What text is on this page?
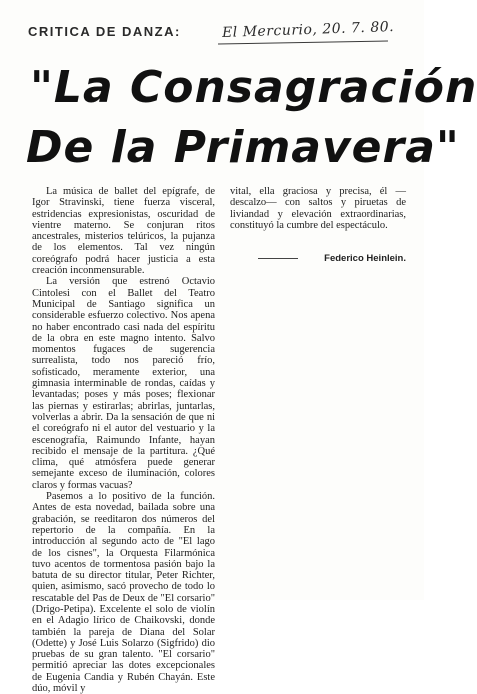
CRITICA DE DANZA:	El Mercurio, 20. 7. 80.
"La Consagración
De la Primavera"

La música de ballet del epígrafe, de Igor Stravinski, tiene fuerza visceral, estridencias expresionistas, oscuridad de vientre materno. Se conjuran ritos ancestrales, misterios telúricos, la pujanza de los elementos. Tal vez ningún coreógrafo podrá hacer justicia a esta creación inconmensurable.

La versión que estrenó Octavio Cintolesi con el Ballet del Teatro Municipal de Santiago significa un considerable esfuerzo colectivo. Nos apena no haber encontrado casi nada del espíritu de la obra en este magno intento. Salvo momentos fugaces de sugerencia surrealista, todo nos pareció frío, sofisticado, meramente exterior, una gimnasia interminable de rondas, caídas y levantadas; poses y más poses; flexionar las piernas y estirarlas; abrirlas, juntarlas, volverlas a abrir. Da la sensación de que ni el coreógrafo ni el autor del vestuario y la escenografía, Raimundo Infante, hayan recibido el mensaje de la partitura. ¿Qué clima, qué atmósfera puede generar semejante exceso de iluminación, colores claros y formas vacuas?

Pasemos a lo positivo de la función. Antes de esta novedad, bailada sobre una grabación, se reeditaron dos números del repertorio de la compañía. En la introducción al segundo acto de "El lago de los cisnes", la Orquesta Filarmónica tuvo acentos de tormentosa pasión bajo la batuta de su director titular, Peter Richter, quien, asimismo, sacó provecho de todo lo rescatable del Pas de Deux de "El corsario" (Drigo-Petipa). Excelente el solo de violín en el Adagio lírico de Chaikovski, donde también la pareja de Diana del Solar (Odette) y José Luis Solarzo (Sigfrido) dio pruebas de su gran talento. "El corsario" permitió apreciar las dotes excepcionales de Eugenia Candia y Rubén Chayán. Este dúo, móvil y

vital, ella graciosa y precisa, él —descalzo— con saltos y piruetas de liviandad y elevación extraordinarias, constituyó la cumbre del espectáculo.

Federico Heinlein.
